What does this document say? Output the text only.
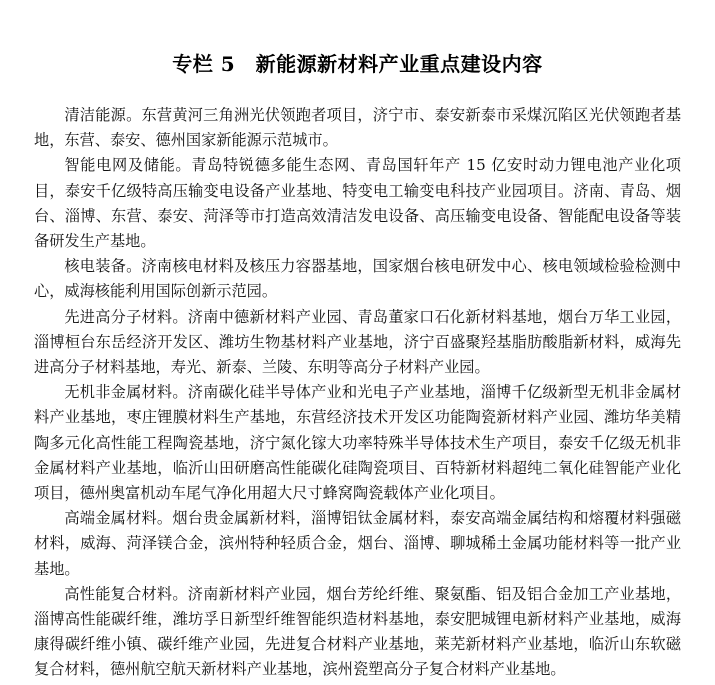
专栏 5　新能源新材料产业重点建设内容

清洁能源。东营黄河三角洲光伏领跑者项目，济宁市、泰安新泰市采煤沉陷区光伏领跑者基地，东营、泰安、德州国家新能源示范城市。

智能电网及储能。青岛特锐德多能生态网、青岛国轩年产 15 亿安时动力锂电池产业化项目，泰安千亿级特高压输变电设备产业基地、特变电工输变电科技产业园项目。济南、青岛、烟台、淄博、东营、泰安、菏泽等市打造高效清洁发电设备、高压输变电设备、智能配电设备等装备研发生产基地。

核电装备。济南核电材料及核压力容器基地，国家烟台核电研发中心、核电领域检验检测中心，威海核能利用国际创新示范园。

先进高分子材料。济南中德新材料产业园、青岛董家口石化新材料基地，烟台万华工业园，淄博桓台东岳经济开发区、潍坊生物基材料产业基地，济宁百盛聚羟基脂肪酸脂新材料，威海先进高分子材料基地，寿光、新泰、兰陵、东明等高分子材料产业园。

无机非金属材料。济南碳化硅半导体产业和光电子产业基地，淄博千亿级新型无机非金属材料产业基地，枣庄锂膜材料生产基地，东营经济技术开发区功能陶瓷新材料产业园、潍坊华美精陶多元化高性能工程陶瓷基地，济宁氮化镓大功率特殊半导体技术生产项目，泰安千亿级无机非金属材料产业基地，临沂山田研磨高性能碳化硅陶瓷项目、百特新材料超纯二氧化硅智能产业化项目，德州奥富机动车尾气净化用超大尺寸蜂窝陶瓷载体产业化项目。

高端金属材料。烟台贵金属新材料，淄博铝钛金属材料，泰安高端金属结构和熔覆材料强磁材料，威海、菏泽镁合金，滨州特种轻质合金，烟台、淄博、聊城稀土金属功能材料等一批产业基地。

高性能复合材料。济南新材料产业园，烟台芳纶纤维、聚氨酯、铝及铝合金加工产业基地，淄博高性能碳纤维，潍坊孚日新型纤维智能织造材料基地，泰安肥城锂电新材料产业基地，威海康得碳纤维小镇、碳纤维产业园，先进复合材料产业基地，莱芜新材料产业基地，临沂山东软磁复合材料，德州航空航天新材料产业基地，滨州瓷塑高分子复合材料产业基地。
